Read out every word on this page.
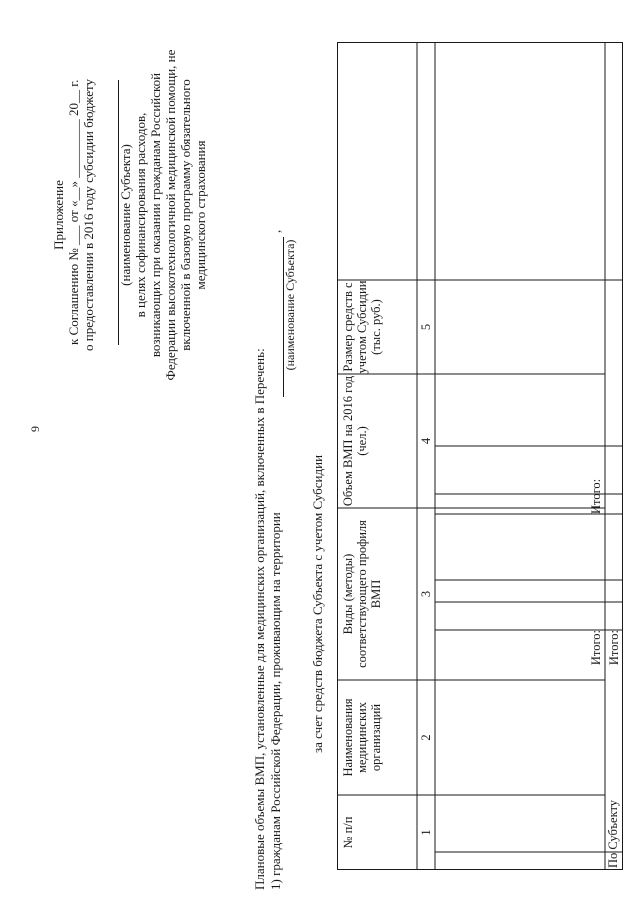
9
Приложение к Соглашению № ___ от «__» _________ 20__ г. о предоставлении в 2016 году субсидии бюджету (наименование Субъекта) в целях софинансирования расходов, возникающих при оказании гражданам Российской Федерации высокотехнологичной медицинской помощи, не включенной в базовую программу обязательного медицинского страхования
Плановые объемы ВМП, установленные для медицинских организаций, включенных в Перечень: 1) гражданам Российской Федерации, проживающим на территории
,
(наименование Субъекта)
за счет средств бюджета Субъекта с учетом Субсидии
№ п/п
Наименования медицинских организаций
Виды (методы) соответствующего профиля ВМП
Объем ВМП на 2016 год (чел.)
Размер средств с учетом Субсидии (тыс. руб.)
1
2
3
4
5
Итого: Итого:
Итого:
По Субъекту
